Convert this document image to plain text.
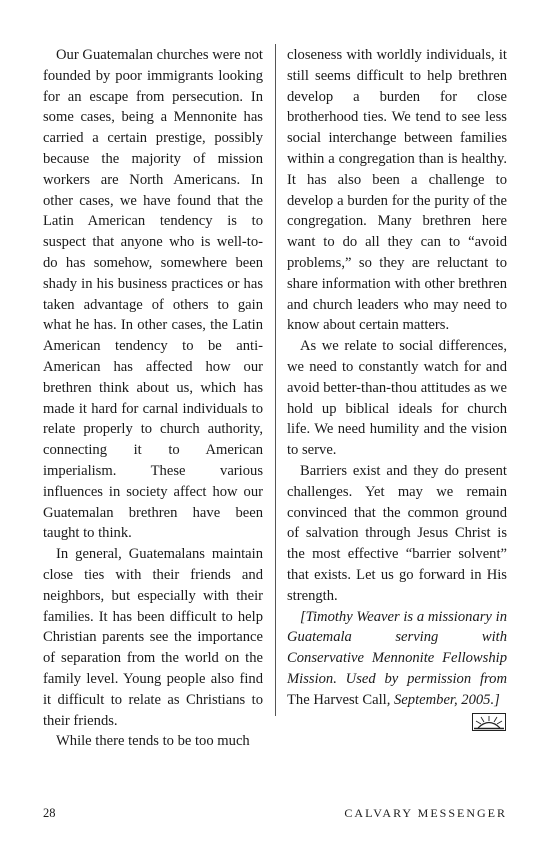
Our Guatemalan churches were not founded by poor immigrants looking for an escape from persecution. In some cases, being a Mennonite has carried a certain prestige, possibly because the majority of mission workers are North Americans. In other cases, we have found that the Latin American tendency is to suspect that anyone who is well-to-do has somehow, somewhere been shady in his business practices or has taken advantage of others to gain what he has. In other cases, the Latin American tendency to be anti-American has affected how our brethren think about us, which has made it hard for carnal individuals to relate properly to church authority, connecting it to American imperialism. These various influences in society affect how our Guatemalan brethren have been taught to think.

In general, Guatemalans maintain close ties with their friends and neighbors, but especially with their families. It has been difficult to help Christian parents see the importance of separation from the world on the family level. Young people also find it difficult to relate as Christians to their friends.

While there tends to be too much

closeness with worldly individuals, it still seems difficult to help brethren develop a burden for close brotherhood ties. We tend to see less social interchange between families within a congregation than is healthy. It has also been a challenge to develop a burden for the purity of the congregation. Many brethren here want to do all they can to “avoid problems,” so they are reluctant to share information with other brethren and church leaders who may need to know about certain matters.

As we relate to social differences, we need to constantly watch for and avoid better-than-thou attitudes as we hold up biblical ideals for church life. We need humility and the vision to serve.

Barriers exist and they do present challenges. Yet may we remain convinced that the common ground of salvation through Jesus Christ is the most effective “barrier solvent” that exists. Let us go forward in His strength.

[Timothy Weaver is a missionary in Guatemala serving with Conservative Mennonite Fellowship Mission. Used by permission from The Harvest Call, September, 2005.]

28	CALVARY MESSENGER
